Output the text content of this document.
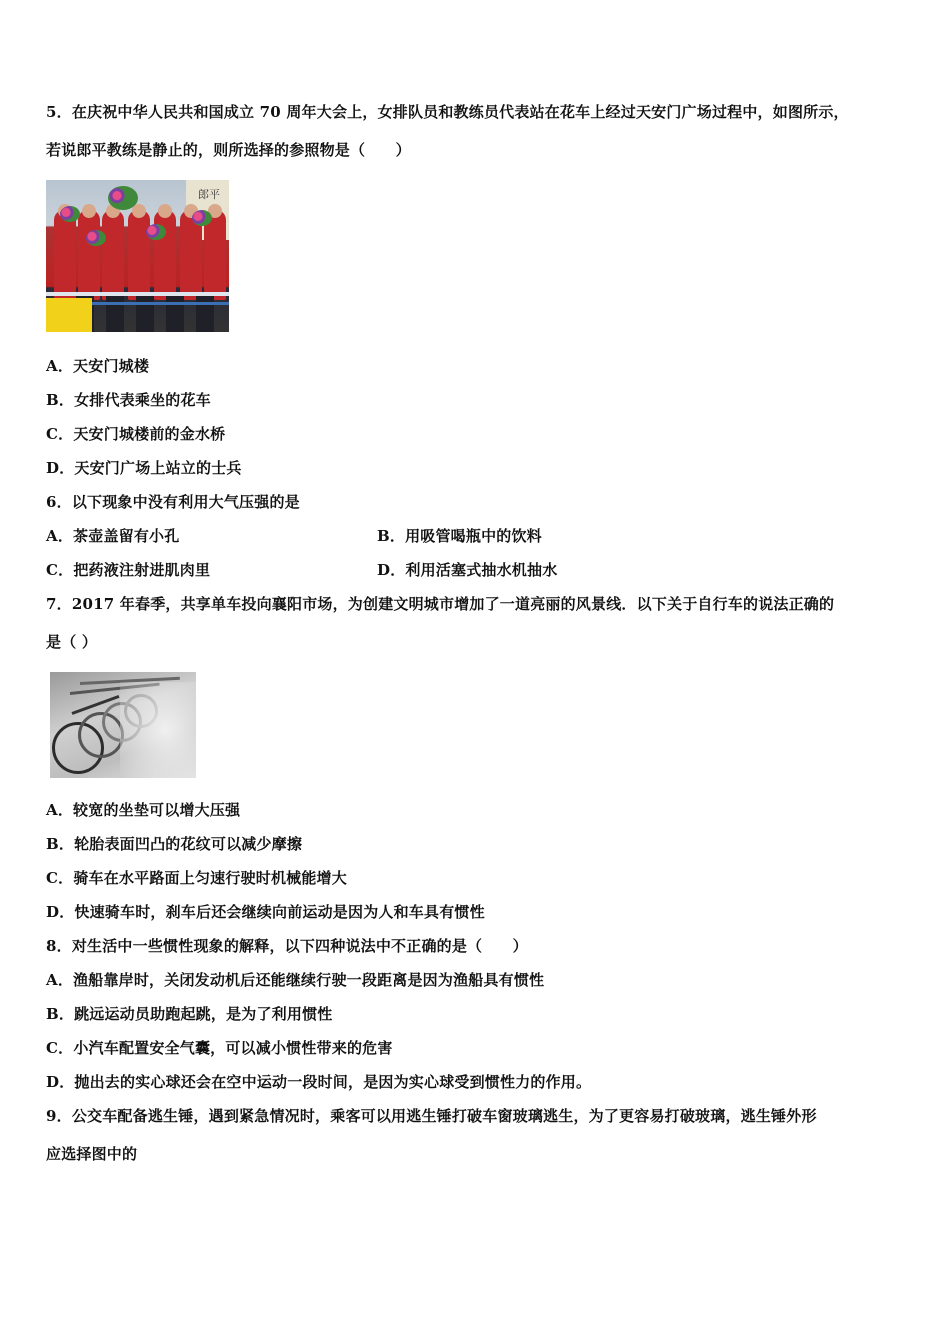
5．在庆祝中华人民共和国成立 70 周年大会上，女排队员和教练员代表站在花车上经过天安门广场过程中，如图所示，
若说郎平教练是静止的，则所选择的参照物是（　　）
郎平
A．天安门城楼
B．女排代表乘坐的花车
C．天安门城楼前的金水桥
D．天安门广场上站立的士兵
6．以下现象中没有利用大气压强的是
A．茶壶盖留有小孔	B．用吸管喝瓶中的饮料
C．把药液注射进肌肉里	D．利用活塞式抽水机抽水
7．2017 年春季，共享单车投向襄阳市场，为创建文明城市增加了一道亮丽的风景线．以下关于自行车的说法正确的
是（ ）
A．较宽的坐垫可以增大压强
B．轮胎表面凹凸的花纹可以减少摩擦
C．骑车在水平路面上匀速行驶时机械能增大
D．快速骑车时，刹车后还会继续向前运动是因为人和车具有惯性
8．对生活中一些惯性现象的解释，以下四种说法中不正确的是（　　）
A．渔船靠岸时，关闭发动机后还能继续行驶一段距离是因为渔船具有惯性
B．跳远运动员助跑起跳，是为了利用惯性
C．小汽车配置安全气囊，可以减小惯性带来的危害
D．抛出去的实心球还会在空中运动一段时间，是因为实心球受到惯性力的作用。
9．公交车配备逃生锤，遇到紧急情况时，乘客可以用逃生锤打破车窗玻璃逃生，为了更容易打破玻璃，逃生锤外形
应选择图中的
